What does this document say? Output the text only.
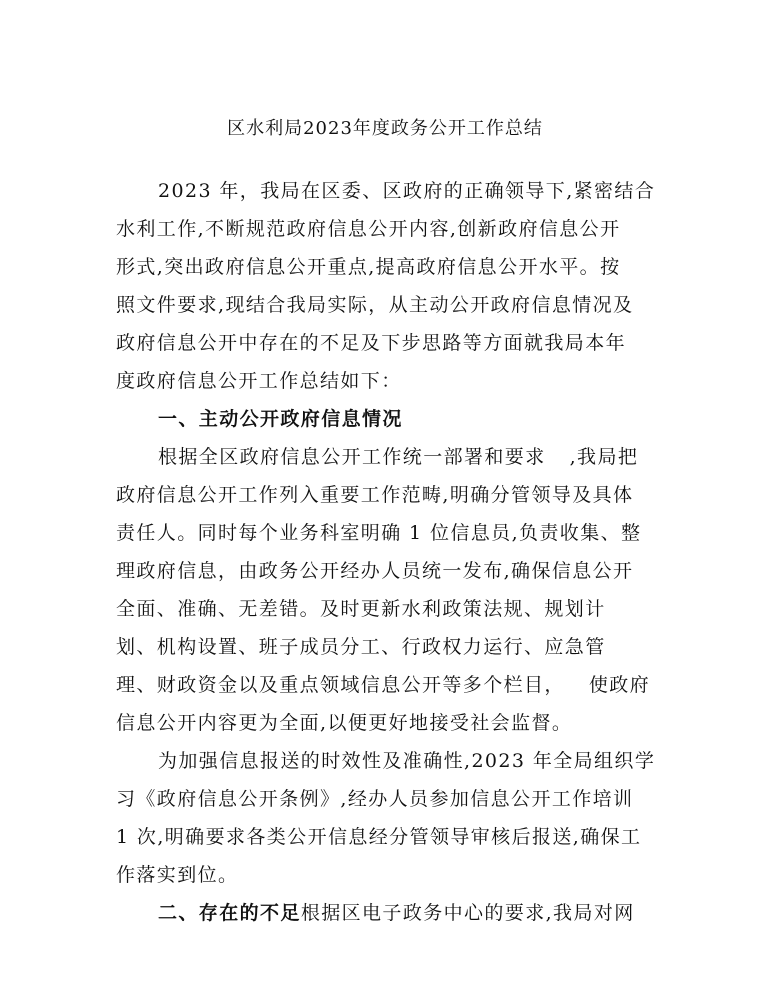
区水利局2023年度政务公开工作总结
2023 年，我局在区委、区政府的正确领导下,紧密结合
水利工作,不断规范政府信息公开内容,创新政府信息公开
形式,突出政府信息公开重点,提高政府信息公开水平。按
照文件要求,现结合我局实际，从主动公开政府信息情况及
政府信息公开中存在的不足及下步思路等方面就我局本年
度政府信息公开工作总结如下：
一、主动公开政府信息情况
根据全区政府信息公开工作统一部署和要求 ,我局把
政府信息公开工作列入重要工作范畴,明确分管领导及具体
责任人。同时每个业务科室明确 1 位信息员,负责收集、整
理政府信息，由政务公开经办人员统一发布,确保信息公开
全面、准确、无差错。及时更新水利政策法规、规划计
划、机构设置、班子成员分工、行政权力运行、应急管
理、财政资金以及重点领域信息公开等多个栏目， 使政府
信息公开内容更为全面,以便更好地接受社会监督。
为加强信息报送的时效性及准确性,2023 年全局组织学
习《政府信息公开条例》,经办人员参加信息公开工作培训
1 次,明确要求各类公开信息经分管领导审核后报送,确保工
作落实到位。
二、存在的不足根据区电子政务中心的要求,我局对网
